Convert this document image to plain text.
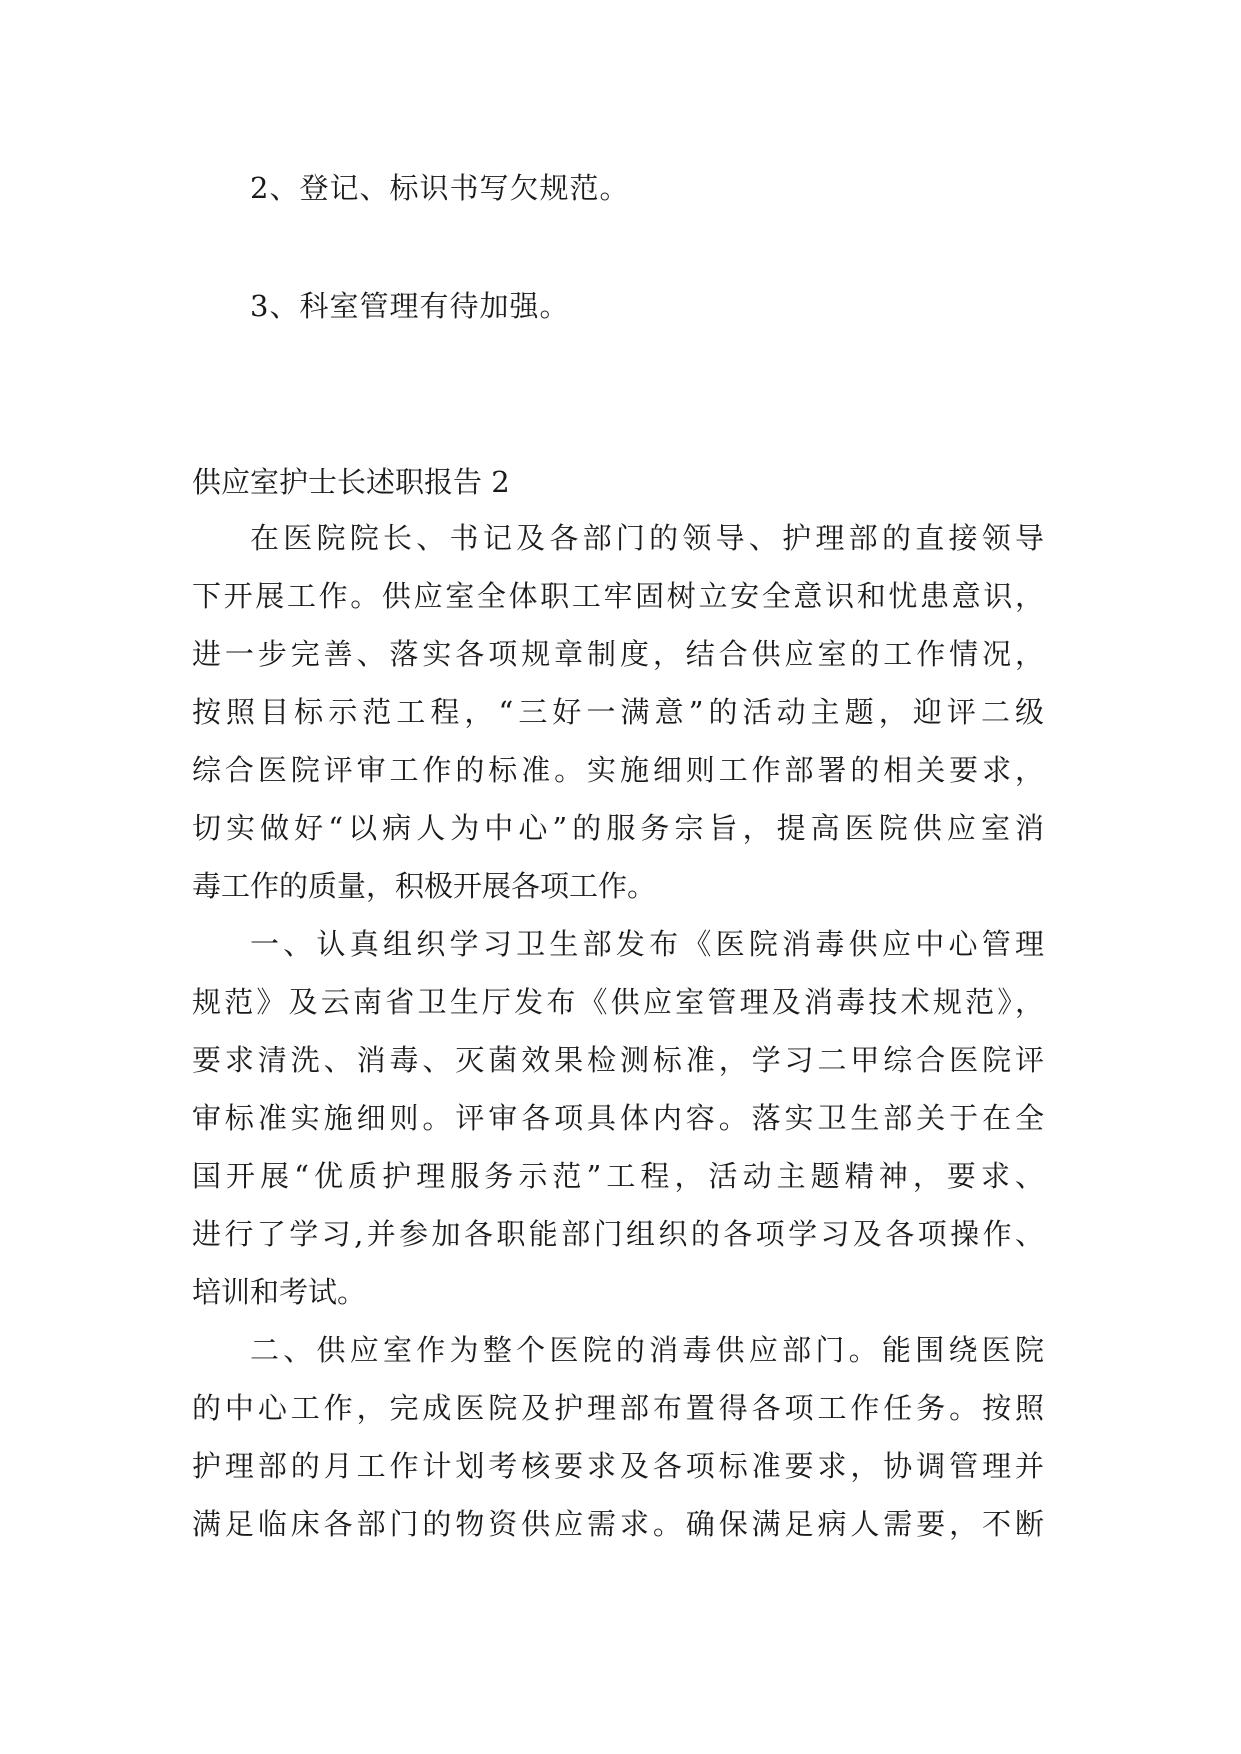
2、登记、标识书写欠规范。
3、科室管理有待加强。
供应室护士长述职报告 2
在医院院长、书记及各部门的领导、护理部的直接领导
下开展工作。供应室全体职工牢固树立安全意识和忧患意识，
进一步完善、落实各项规章制度，结合供应室的工作情况，
按照目标示范工程，“三好一满意”的活动主题，迎评二级
综合医院评审工作的标准。实施细则工作部署的相关要求，
切实做好“以病人为中心”的服务宗旨，提高医院供应室消
毒工作的质量，积极开展各项工作。
一、认真组织学习卫生部发布《医院消毒供应中心管理
规范》及云南省卫生厅发布《供应室管理及消毒技术规范》，
要求清洗、消毒、灭菌效果检测标准，学习二甲综合医院评
审标准实施细则。评审各项具体内容。落实卫生部关于在全
国开展“优质护理服务示范”工程，活动主题精神，要求、
进行了学习,并参加各职能部门组织的各项学习及各项操作、
培训和考试。
二、供应室作为整个医院的消毒供应部门。能围绕医院
的中心工作，完成医院及护理部布置得各项工作任务。按照
护理部的月工作计划考核要求及各项标准要求，协调管理并
满足临床各部门的物资供应需求。确保满足病人需要，不断
